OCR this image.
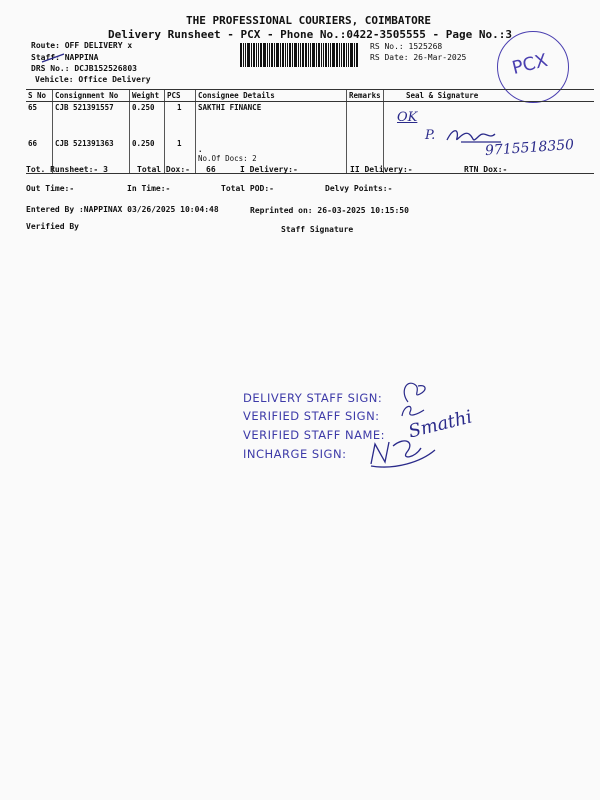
THE PROFESSIONAL COURIERS, COIMBATORE
Delivery Runsheet - PCX - Phone No.:0422-3505555 - Page No.:3
Route: OFF DELIVERY x
Staff: NAPPINA
DRS No.: DCJB152526803
Vehicle: Office Delivery
RS No.: 1525268
RS Date: 26-Mar-2025 PCX
S No	Consignment No	Weight	PCS	Consignee Details	Remarks	Seal & Signature
65	CJB 521391557	0.250	1	SAKTHI FINANCE		
66	CJB 521391363	0.250	1	.
No.Of Docs: 2		

OK
P.
9715518350
Tot. Runsheet:- 3	Total Dox:- 66	I Delivery:-	II Delivery:-	RTN Dox:-
Out Time:-	In Time:-	Total POD:-	Delvy Points:-
Entered By :NAPPINAX 03/26/2025 10:04:48	Reprinted on: 26-03-2025 10:15:50
Verified By	Staff Signature
DELIVERY STAFF SIGN:
VERIFIED STAFF SIGN:
VERIFIED STAFF NAME:
INCHARGE SIGN:
Smathi
